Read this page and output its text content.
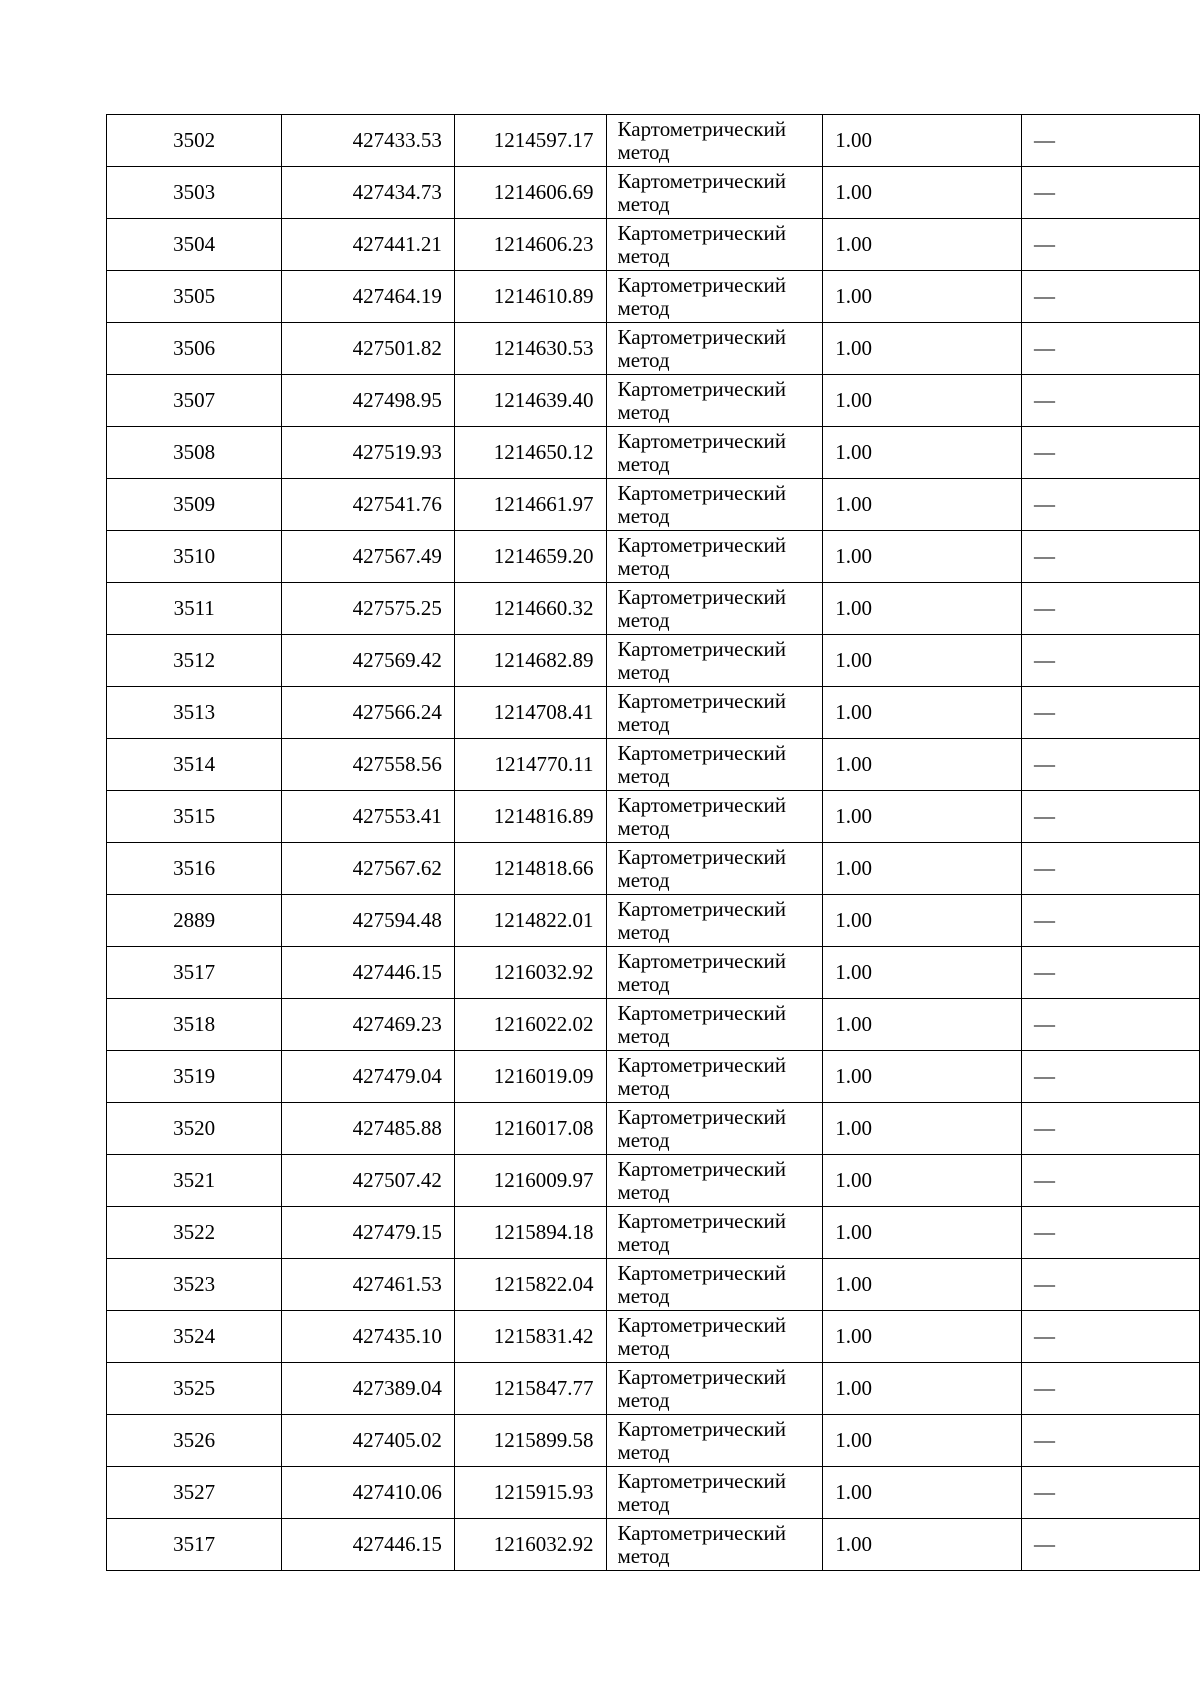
3502	427433.53	1214597.17	Картометрический
метод	1.00	—
3503	427434.73	1214606.69	Картометрический
метод	1.00	—
3504	427441.21	1214606.23	Картометрический
метод	1.00	—
3505	427464.19	1214610.89	Картометрический
метод	1.00	—
3506	427501.82	1214630.53	Картометрический
метод	1.00	—
3507	427498.95	1214639.40	Картометрический
метод	1.00	—
3508	427519.93	1214650.12	Картометрический
метод	1.00	—
3509	427541.76	1214661.97	Картометрический
метод	1.00	—
3510	427567.49	1214659.20	Картометрический
метод	1.00	—
3511	427575.25	1214660.32	Картометрический
метод	1.00	—
3512	427569.42	1214682.89	Картометрический
метод	1.00	—
3513	427566.24	1214708.41	Картометрический
метод	1.00	—
3514	427558.56	1214770.11	Картометрический
метод	1.00	—
3515	427553.41	1214816.89	Картометрический
метод	1.00	—
3516	427567.62	1214818.66	Картометрический
метод	1.00	—
2889	427594.48	1214822.01	Картометрический
метод	1.00	—
3517	427446.15	1216032.92	Картометрический
метод	1.00	—
3518	427469.23	1216022.02	Картометрический
метод	1.00	—
3519	427479.04	1216019.09	Картометрический
метод	1.00	—
3520	427485.88	1216017.08	Картометрический
метод	1.00	—
3521	427507.42	1216009.97	Картометрический
метод	1.00	—
3522	427479.15	1215894.18	Картометрический
метод	1.00	—
3523	427461.53	1215822.04	Картометрический
метод	1.00	—
3524	427435.10	1215831.42	Картометрический
метод	1.00	—
3525	427389.04	1215847.77	Картометрический
метод	1.00	—
3526	427405.02	1215899.58	Картометрический
метод	1.00	—
3527	427410.06	1215915.93	Картометрический
метод	1.00	—
3517	427446.15	1216032.92	Картометрический
метод	1.00	—
